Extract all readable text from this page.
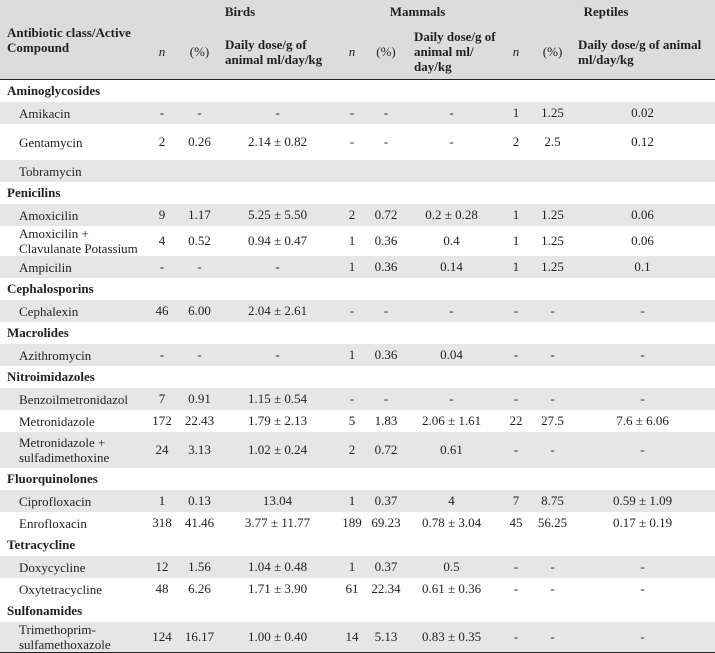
Antibiotic class/Active Compound	Birds			Mammals			Reptiles		
	n	(%)	Daily dose/g of animal ml/day/kg	n	(%)	Daily dose/g of animal ml/ day/kg	n	(%)	Daily dose/g of animal ml/day/kg
Aminoglycosides									
Amikacin	-	-	-	-	-	-	1	1.25	0.02
Gentamycin	2	0.26	2.14 ± 0.82	-	-	-	2	2.5	0.12
Tobramycin									
Penicilins									
Amoxicilin	9	1.17	5.25 ± 5.50	2	0.72	0.2 ± 0.28	1	1.25	0.06
Amoxicilin + Clavulanate Potassium	4	0.52	0.94 ± 0.47	1	0.36	0.4	1	1.25	0.06
Ampicilin	-	-	-	1	0.36	0.14	1	1.25	0.1
Cephalosporins									
Cephalexin	46	6.00	2.04 ± 2.61	-	-	-	-	-	-
Macrolides									
Azithromycin	-	-	-	1	0.36	0.04	-	-	-
Nitroimidazoles									
Benzoilmetronidazol	7	0.91	1.15 ± 0.54	-	-	-	-	-	-
Metronidazole	172	22.43	1.79 ± 2.13	5	1.83	2.06 ± 1.61	22	27.5	7.6 ± 6.06
Metronidazole + sulfadimethoxine	24	3.13	1.02 ± 0.24	2	0.72	0.61	-	-	-
Fluorquinolones									
Ciprofloxacin	1	0.13	13.04	1	0.37	4	7	8.75	0.59 ± 1.09
Enrofloxacin	318	41.46	3.77 ± 11.77	189	69.23	0.78 ± 3.04	45	56.25	0.17 ± 0.19
Tetracycline									
Doxycycline	12	1.56	1.04 ± 0.48	1	0.37	0.5	-	-	-
Oxytetracycline	48	6.26	1.71 ± 3.90	61	22.34	0.61 ± 0.36	-	-	-
Sulfonamides									
Trimethoprim-sulfamethoxazole	124	16.17	1.00 ± 0.40	14	5.13	0.83 ± 0.35	-	-	-
